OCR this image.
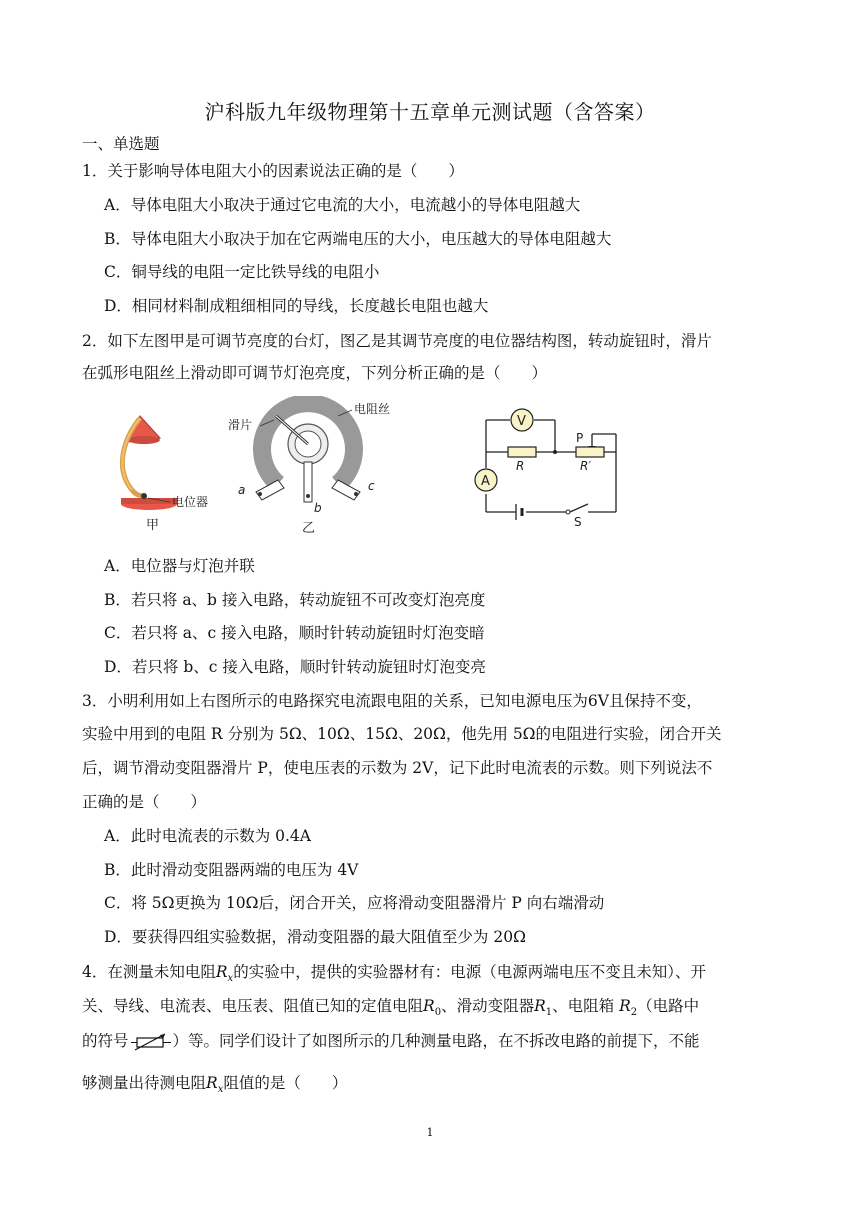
沪科版九年级物理第十五章单元测试题（含答案）
一、单选题
1．关于影响导体电阻大小的因素说法正确的是（　　）
A．导体电阻大小取决于通过它电流的大小，电流越小的导体电阻越大
B．导体电阻大小取决于加在它两端电压的大小，电压越大的导体电阻越大
C．铜导线的电阻一定比铁导线的电阻小
D．相同材料制成粗细相同的导线，长度越长电阻也越大
2．如下左图甲是可调节亮度的台灯，图乙是其调节亮度的电位器结构图，转动旋钮时，滑片
在弧形电阻丝上滑动即可调节灯泡亮度，下列分析正确的是（　　）
电位器
甲
滑片
电阻丝
a
b
c
乙
V
A
R	R′
P
S
A．电位器与灯泡并联
B．若只将 a、b 接入电路，转动旋钮不可改变灯泡亮度
C．若只将 a、c 接入电路，顺时针转动旋钮时灯泡变暗
D．若只将 b、c 接入电路，顺时针转动旋钮时灯泡变亮
3．小明利用如上右图所示的电路探究电流跟电阻的关系，已知电源电压为6V且保持不变，
实验中用到的电阻 R 分别为 5Ω、10Ω、15Ω、20Ω，他先用 5Ω的电阻进行实验，闭合开关
后，调节滑动变阻器滑片 P，使电压表的示数为 2V，记下此时电流表的示数。则下列说法不
正确的是（　　）
A．此时电流表的示数为 0.4A
B．此时滑动变阻器两端的电压为 4V
C．将 5Ω更换为 10Ω后，闭合开关，应将滑动变阻器滑片 P 向右端滑动
D．要获得四组实验数据，滑动变阻器的最大阻值至少为 20Ω
4．在测量未知电阻$R_x$的实验中，提供的实验器材有：电源（电源两端电压不变且未知）、开
关、导线、电流表、电压表、阻值已知的定值电阻$R_0$、滑动变阻器$R_1$、电阻箱 $R_2$（电路中
的符号	）等。同学们设计了如图所示的几种测量电路，在不拆改电路的前提下，不能
够测量出待测电阻$R_x$阻值的是（　　）
1
